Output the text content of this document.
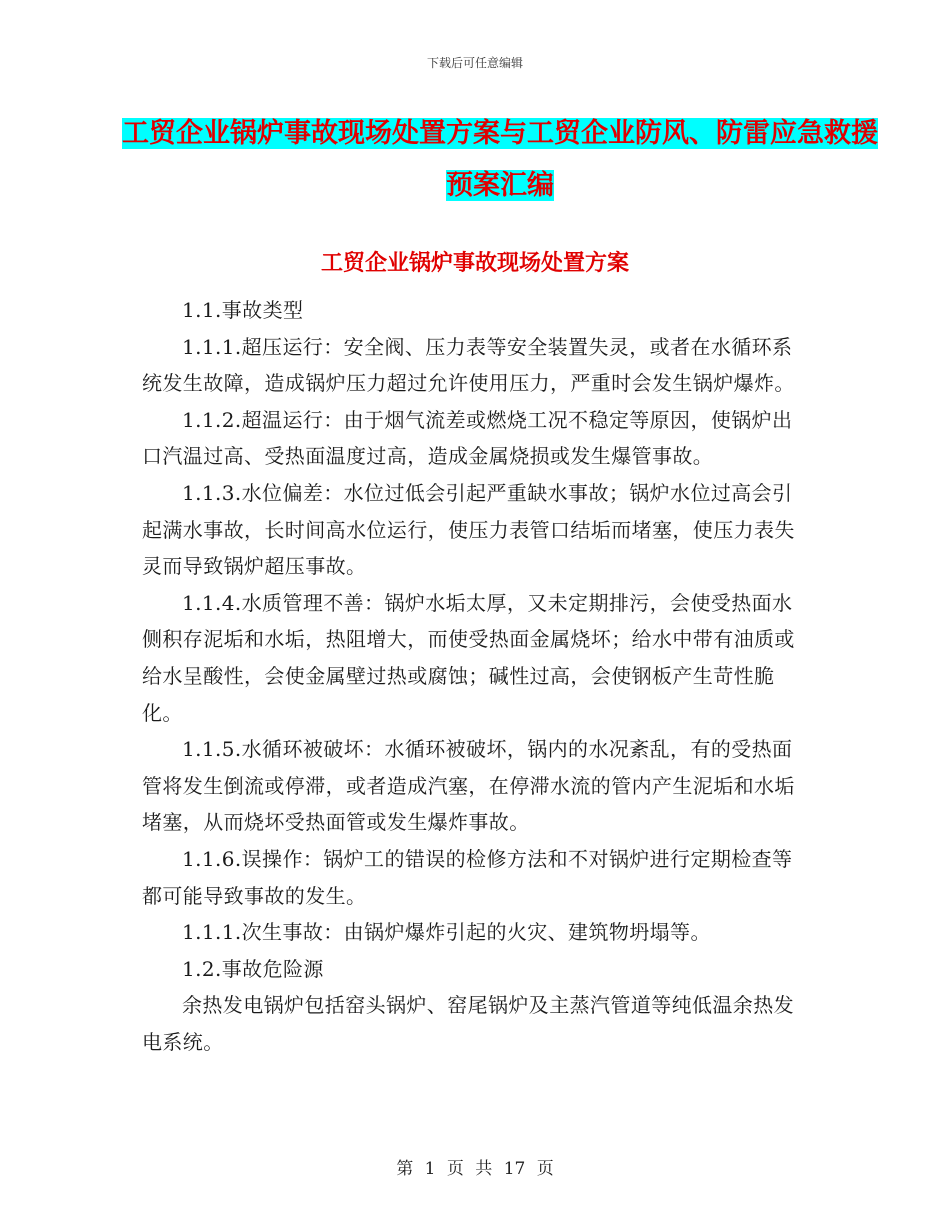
下载后可任意编辑
工贸企业锅炉事故现场处置方案与工贸企业防风、防雷应急救援预案汇编
工贸企业锅炉事故现场处置方案

1.1.事故类型

1.1.1.超压运行：安全阀、压力表等安全装置失灵，或者在水循环系统发生故障，造成锅炉压力超过允许使用压力，严重时会发生锅炉爆炸。

1.1.2.超温运行：由于烟气流差或燃烧工况不稳定等原因，使锅炉出口汽温过高、受热面温度过高，造成金属烧损或发生爆管事故。

1.1.3.水位偏差：水位过低会引起严重缺水事故；锅炉水位过高会引起满水事故，长时间高水位运行，使压力表管口结垢而堵塞，使压力表失灵而导致锅炉超压事故。

1.1.4.水质管理不善：锅炉水垢太厚，又未定期排污，会使受热面水侧积存泥垢和水垢，热阻增大，而使受热面金属烧坏；给水中带有油质或给水呈酸性，会使金属壁过热或腐蚀；碱性过高，会使钢板产生苛性脆化。

1.1.5.水循环被破坏：水循环被破坏，锅内的水况紊乱，有的受热面管将发生倒流或停滞，或者造成汽塞，在停滞水流的管内产生泥垢和水垢堵塞，从而烧坏受热面管或发生爆炸事故。

1.1.6.误操作：锅炉工的错误的检修方法和不对锅炉进行定期检查等都可能导致事故的发生。

1.1.1.次生事故：由锅炉爆炸引起的火灾、建筑物坍塌等。

1.2.事故危险源

余热发电锅炉包括窑头锅炉、窑尾锅炉及主蒸汽管道等纯低温余热发电系统。

第 1 页 共 17 页
